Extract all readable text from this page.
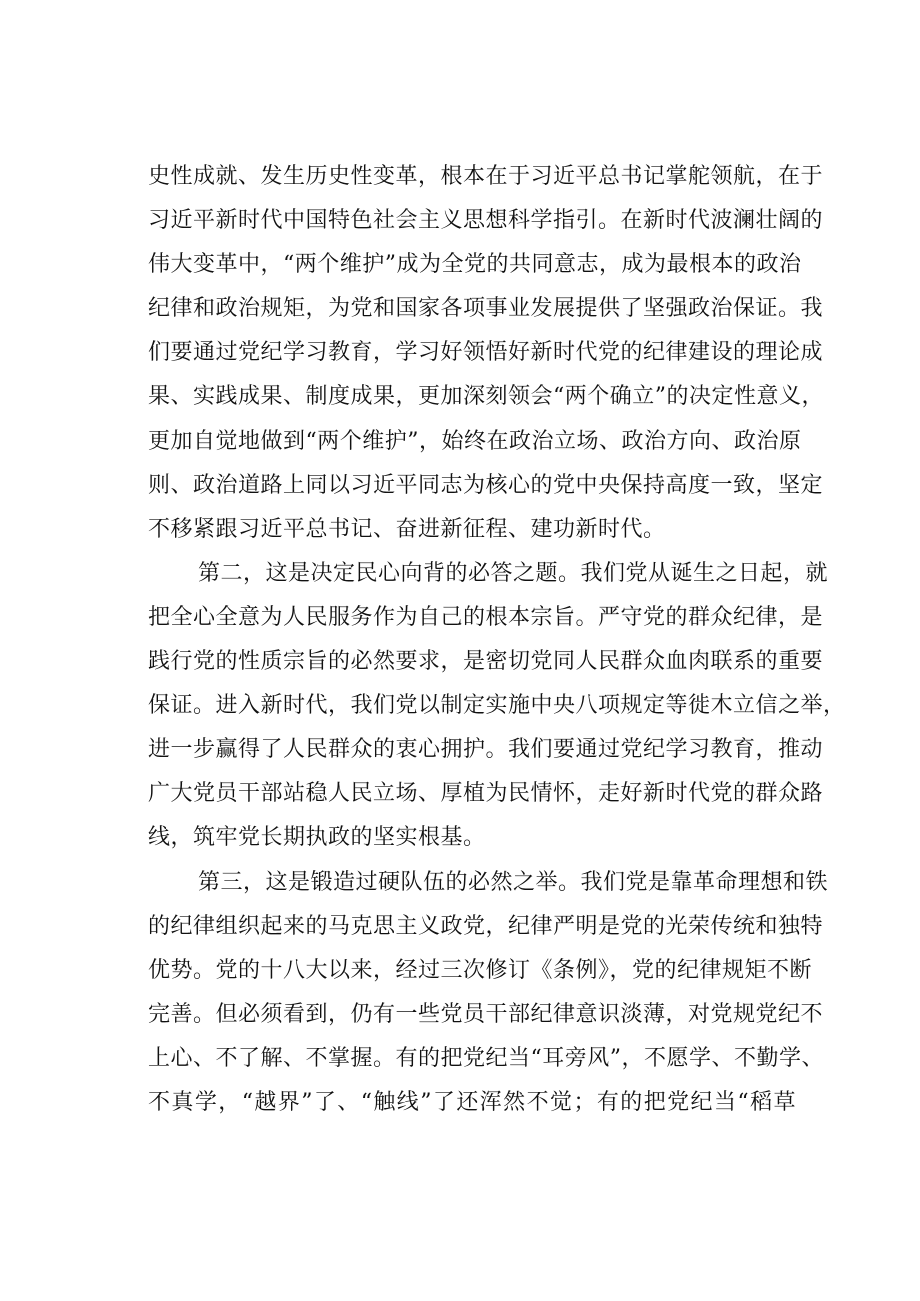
史性成就、发生历史性变革，根本在于习近平总书记掌舵领航，在于
习近平新时代中国特色社会主义思想科学指引。在新时代波澜壮阔的
伟大变革中，“两个维护”成为全党的共同意志，成为最根本的政治
纪律和政治规矩，为党和国家各项事业发展提供了坚强政治保证。我
们要通过党纪学习教育，学习好领悟好新时代党的纪律建设的理论成
果、实践成果、制度成果，更加深刻领会“两个确立”的决定性意义，
更加自觉地做到“两个维护”，始终在政治立场、政治方向、政治原
则、政治道路上同以习近平同志为核心的党中央保持高度一致，坚定
不移紧跟习近平总书记、奋进新征程、建功新时代。

第二，这是决定民心向背的必答之题。我们党从诞生之日起，就
把全心全意为人民服务作为自己的根本宗旨。严守党的群众纪律，是
践行党的性质宗旨的必然要求，是密切党同人民群众血肉联系的重要
保证。进入新时代，我们党以制定实施中央八项规定等徙木立信之举，
进一步赢得了人民群众的衷心拥护。我们要通过党纪学习教育，推动
广大党员干部站稳人民立场、厚植为民情怀，走好新时代党的群众路
线，筑牢党长期执政的坚实根基。

第三，这是锻造过硬队伍的必然之举。我们党是靠革命理想和铁
的纪律组织起来的马克思主义政党，纪律严明是党的光荣传统和独特
优势。党的十八大以来，经过三次修订《条例》，党的纪律规矩不断
完善。但必须看到，仍有一些党员干部纪律意识淡薄，对党规党纪不
上心、不了解、不掌握。有的把党纪当“耳旁风”，不愿学、不勤学、
不真学，“越界”了、“触线”了还浑然不觉；有的把党纪当“稻草
